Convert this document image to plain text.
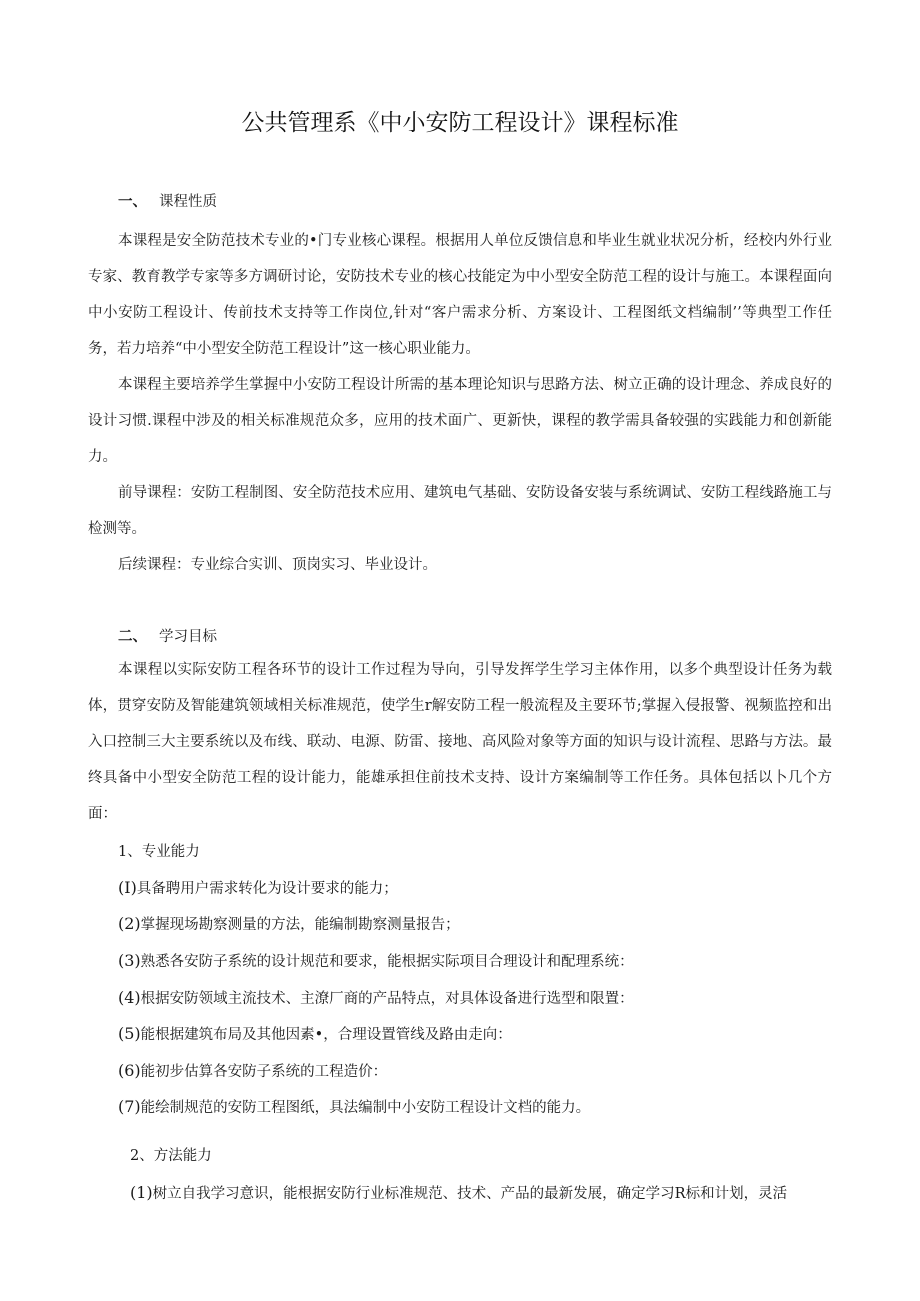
公共管理系《中小安防工程设计》课程标准
一、 课程性质

本课程是安全防范技术专业的•门专业核心课程。根据用人单位反馈信息和毕业生就业状况分析，经校内外行业专家、教育教学专家等多方调研讨论，安防技术专业的核心技能定为中小型安全防范工程的设计与施工。本课程面向中小安防工程设计、传前技术支持等工作岗位,针对“客户需求分析、方案设计、工程图纸文档编制’’等典型工作任务，若力培养“中小型安全防范工程设计”这一核心职业能力。

本课程主要培养学生掌握中小安防工程设计所需的基本理论知识与思路方法、树立正确的设计理念、养成良好的设计习惯.课程中涉及的相关标准规范众多，应用的技术面广、更新快，课程的教学需具备较强的实践能力和创新能力。

前导课程：安防工程制图、安全防范技术应用、建筑电气基础、安防设备安装与系统调试、安防工程线路施工与检测等。

后续课程：专业综合实训、顶岗实习、毕业设计。

二、 学习目标

本课程以实际安防工程各环节的设计工作过程为导向，引导发挥学生学习主体作用，以多个典型设计任务为载体，贯穿安防及智能建筑领域相关标准规范，使学生r解安防工程一般流程及主要环节;掌握入侵报警、视频监控和出入口控制三大主要系统以及布线、联动、电源、防雷、接地、高风险对象等方面的知识与设计流程、思路与方法。最终具备中小型安全防范工程的设计能力，能雄承担住前技术支持、设计方案编制等工作任务。具体包括以卜几个方面：

1、专业能力
(I)具备聘用户需求转化为设计要求的能力；
(2)掌握现场勘察测量的方法，能编制勘察测量报告；
(3)熟悉各安防子系统的设计规范和要求，能根据实际项目合理设计和配理系统：
(4)根据安防领域主流技术、主潦厂商的产品特点，对具体设备进行选型和限置：
(5)能根据建筑布局及其他因素•，合理设置管线及路由走向：
(6)能初步估算各安防子系统的工程造价：
(7)能绘制规范的安防工程图纸，具法编制中小安防工程设计文档的能力。
2、方法能力
(1)树立自我学习意识，能根据安防行业标准规范、技术、产品的最新发展，确定学习R标和计划，灵活
